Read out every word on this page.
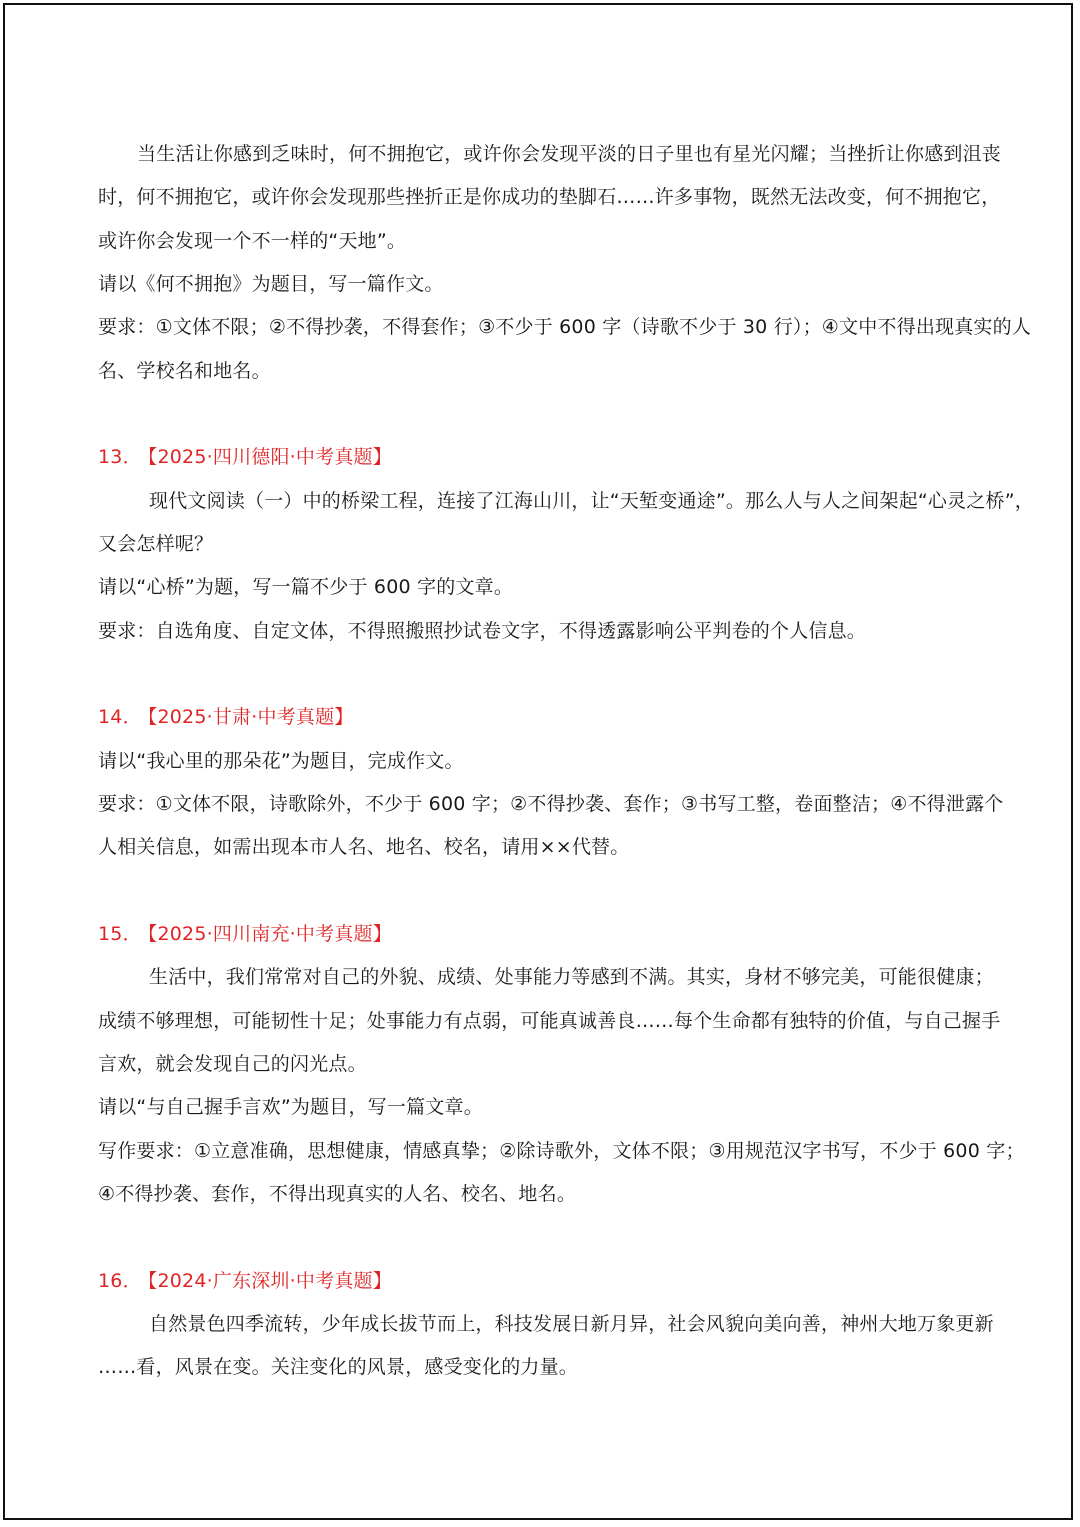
当生活让你感到乏味时，何不拥抱它，或许你会发现平淡的日子里也有星光闪耀；当挫折让你感到沮丧
时，何不拥抱它，或许你会发现那些挫折正是你成功的垫脚石……许多事物，既然无法改变，何不拥抱它，
或许你会发现一个不一样的“天地”。
请以《何不拥抱》为题目，写一篇作文。
要求：①文体不限；②不得抄袭，不得套作；③不少于 600 字（诗歌不少于 30 行）；④文中不得出现真实的人
名、学校名和地名。
13． 【2025·四川德阳·中考真题】
现代文阅读（一）中的桥梁工程，连接了江海山川，让“天堑变通途”。那么人与人之间架起“心灵之桥”，
又会怎样呢？
请以“心桥”为题，写一篇不少于 600 字的文章。
要求：自选角度、自定文体，不得照搬照抄试卷文字，不得透露影响公平判卷的个人信息。
14． 【2025·甘肃·中考真题】
请以“我心里的那朵花”为题目，完成作文。
要求：①文体不限，诗歌除外，不少于 600 字；②不得抄袭、套作；③书写工整，卷面整洁；④不得泄露个
人相关信息，如需出现本市人名、地名、校名，请用××代替。
15． 【2025·四川南充·中考真题】
生活中，我们常常对自己的外貌、成绩、处事能力等感到不满。其实，身材不够完美，可能很健康；
成绩不够理想，可能韧性十足；处事能力有点弱，可能真诚善良……每个生命都有独特的价值，与自己握手
言欢，就会发现自己的闪光点。
请以“与自己握手言欢”为题目，写一篇文章。
写作要求：①立意准确，思想健康，情感真挚；②除诗歌外，文体不限；③用规范汉字书写，不少于 600 字；
④不得抄袭、套作，不得出现真实的人名、校名、地名。
16． 【2024·广东深圳·中考真题】
自然景色四季流转，少年成长拔节而上，科技发展日新月异，社会风貌向美向善，神州大地万象更新
……看，风景在变。关注变化的风景，感受变化的力量。
